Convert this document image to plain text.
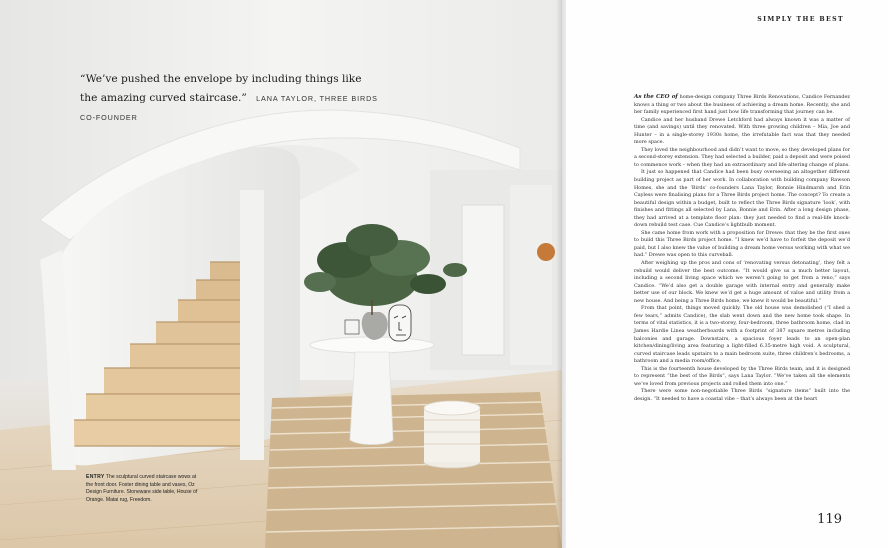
“We’ve pushed the envelope by including things like the amazing curved staircase.” LANA TAYLOR, THREE BIRDS CO-FOUNDER
ENTRY The sculptural curved staircase wows at the front door. Foster dining table and vases, Oz Design Furniture. Stoneware side table, House of Orange. Matai rug, Freedom.
SIMPLY THE BEST

As the CEO of home-design company Three Birds Renovations, Candice Fernandez knows a thing or two about the business of achieving a dream home. Recently, she and her family experienced first hand just how life transforming that journey can be.

Candice and her husband Drewe Letchford had always known it was a matter of time (and savings) until they renovated. With three growing children – Mia, Joe and Hunter – in a single-storey 1930s home, the irrefutable fact was that they needed more space.

They loved the neighbourhood and didn’t want to move, so they developed plans for a second-storey extension. They had selected a builder, paid a deposit and were poised to commence work – when they had an extraordinary and life-altering change of plans.

It just so happened that Candice had been busy overseeing an altogether different building project as part of her work. In collaboration with building company Rawson Homes, she and the ‘Birds’ co-founders Lana Taylor, Bonnie Hindmarsh and Erin Cayless were finalising plans for a Three Birds project home. The concept? To create a beautiful design within a budget, built to reflect the Three Birds signature ‘look’, with finishes and fittings all selected by Lana, Bonnie and Erin. After a long design phase, they had arrived at a template floor plan: they just needed to find a real-life knock-down rebuild test case. Cue Candice’s lightbulb moment.

She came home from work with a proposition for Drewe: that they be the first ones to build this Three Birds project home. “I knew we’d have to forfeit the deposit we’d paid, but I also knew the value of building a dream home versus working with what we had.” Drewe was open to this curveball.

After weighing up the pros and cons of ‘renovating versus detonating’, they felt a rebuild would deliver the best outcome. “It would give us a much better layout, including a second living space which we weren’t going to get from a reno,” says Candice. “We’d also get a double garage with internal entry and generally make better use of our block. We knew we’d get a huge amount of value and utility from a new house. And being a Three Birds home, we knew it would be beautiful.”

From that point, things moved quickly. The old house was demolished (“I shed a few tears,” admits Candice), the slab went down and the new home took shape. In terms of vital statistics, it is a two-storey, four-bedroom, three bathroom home, clad in James Hardie Linea weatherboards with a footprint of 387 square metres including balconies and garage. Downstairs, a spacious foyer leads to an open-plan kitchen/dining/living area featuring a light-filled 6.35-metre high void. A sculptural, curved staircase leads upstairs to a main bedroom suite, three children’s bedrooms, a bathroom and a media room/office.

This is the fourteenth house developed by the Three Birds team, and it is designed to represent “the best of the Birds”, says Lana Taylor. “We’ve taken all the elements we’ve loved from previous projects and rolled them into one.”

There were some non-negotiable Three Birds “signature items” built into the design. “It needed to have a coastal vibe – that’s always been at the heart

119
